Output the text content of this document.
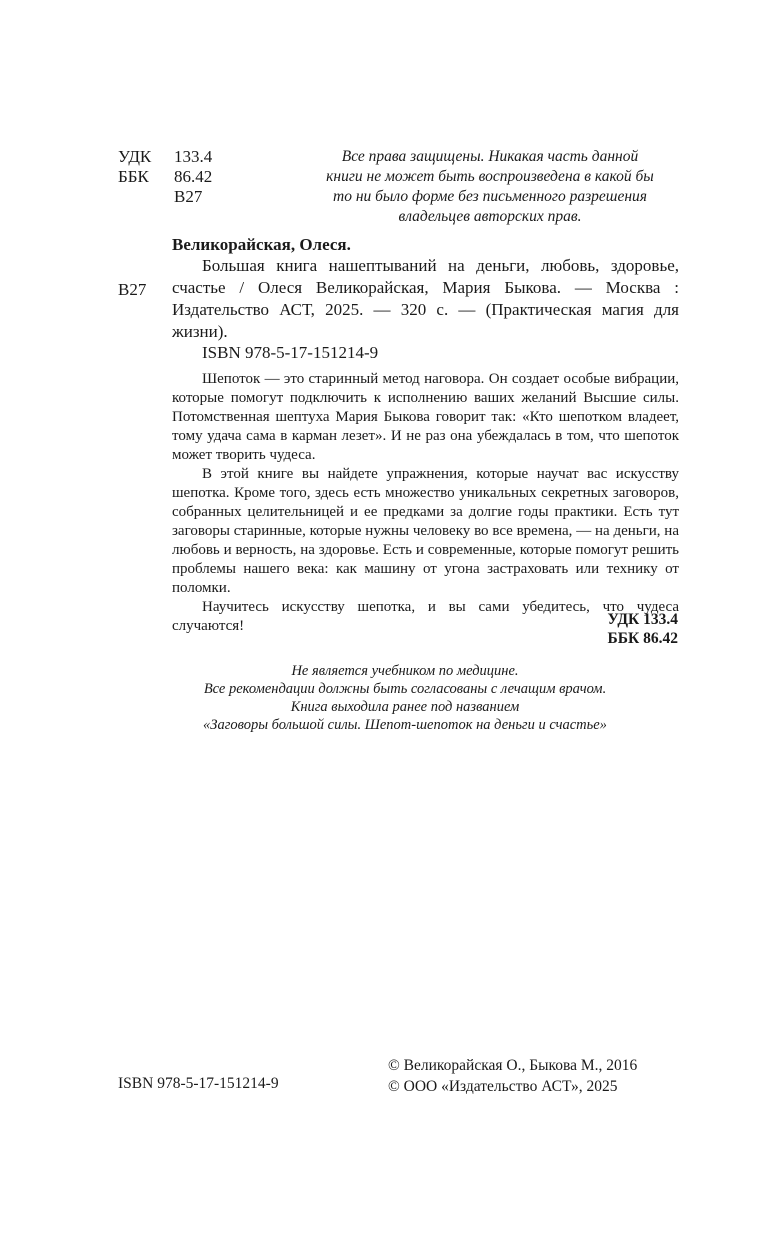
УДК	133.4
ББК	86.42
В27
Все права защищены. Никакая часть данной
книги не может быть воспроизведена в какой бы
то ни было форме без письменного разрешения
владельцев авторских прав.
Великорайская, Олеся.
В27
Большая книга нашептываний на деньги, любовь, здоровье, счастье / Олеся Великорайская, Мария Быкова. — Москва : Издательство АСТ, 2025. — 320 с. — (Практическая магия для жизни).
ISBN 978-5-17-151214-9

Шепоток — это старинный метод наговора. Он создает особые вибрации, которые помогут подключить к исполнению ваших желаний Высшие силы. Потомственная шептуха Мария Быкова говорит так: «Кто шепотком владеет, тому удача сама в карман лезет». И не раз она убеждалась в том, что шепоток может творить чудеса.

В этой книге вы найдете упражнения, которые научат вас искусству шепотка. Кроме того, здесь есть множество уникальных секретных заговоров, собранных целительницей и ее предками за долгие годы практики. Есть тут заговоры старинные, которые нужны человеку во все времена, — на деньги, на любовь и верность, на здоровье. Есть и современные, которые помогут решить проблемы нашего века: как машину от угона застраховать или технику от поломки.

Научитесь искусству шепотка, и вы сами убедитесь, что чудеса случаются!	УДК 133.4
ББК 86.42
Не является учебником по медицине.
Все рекомендации должны быть согласованы с лечащим врачом.
Книга выходила ранее под названием
«Заговоры большой силы. Шепот-шепоток на деньги и счастье»
ISBN 978-5-17-151214-9
© Великорайская О., Быкова М., 2016
© ООО «Издательство АСТ», 2025
